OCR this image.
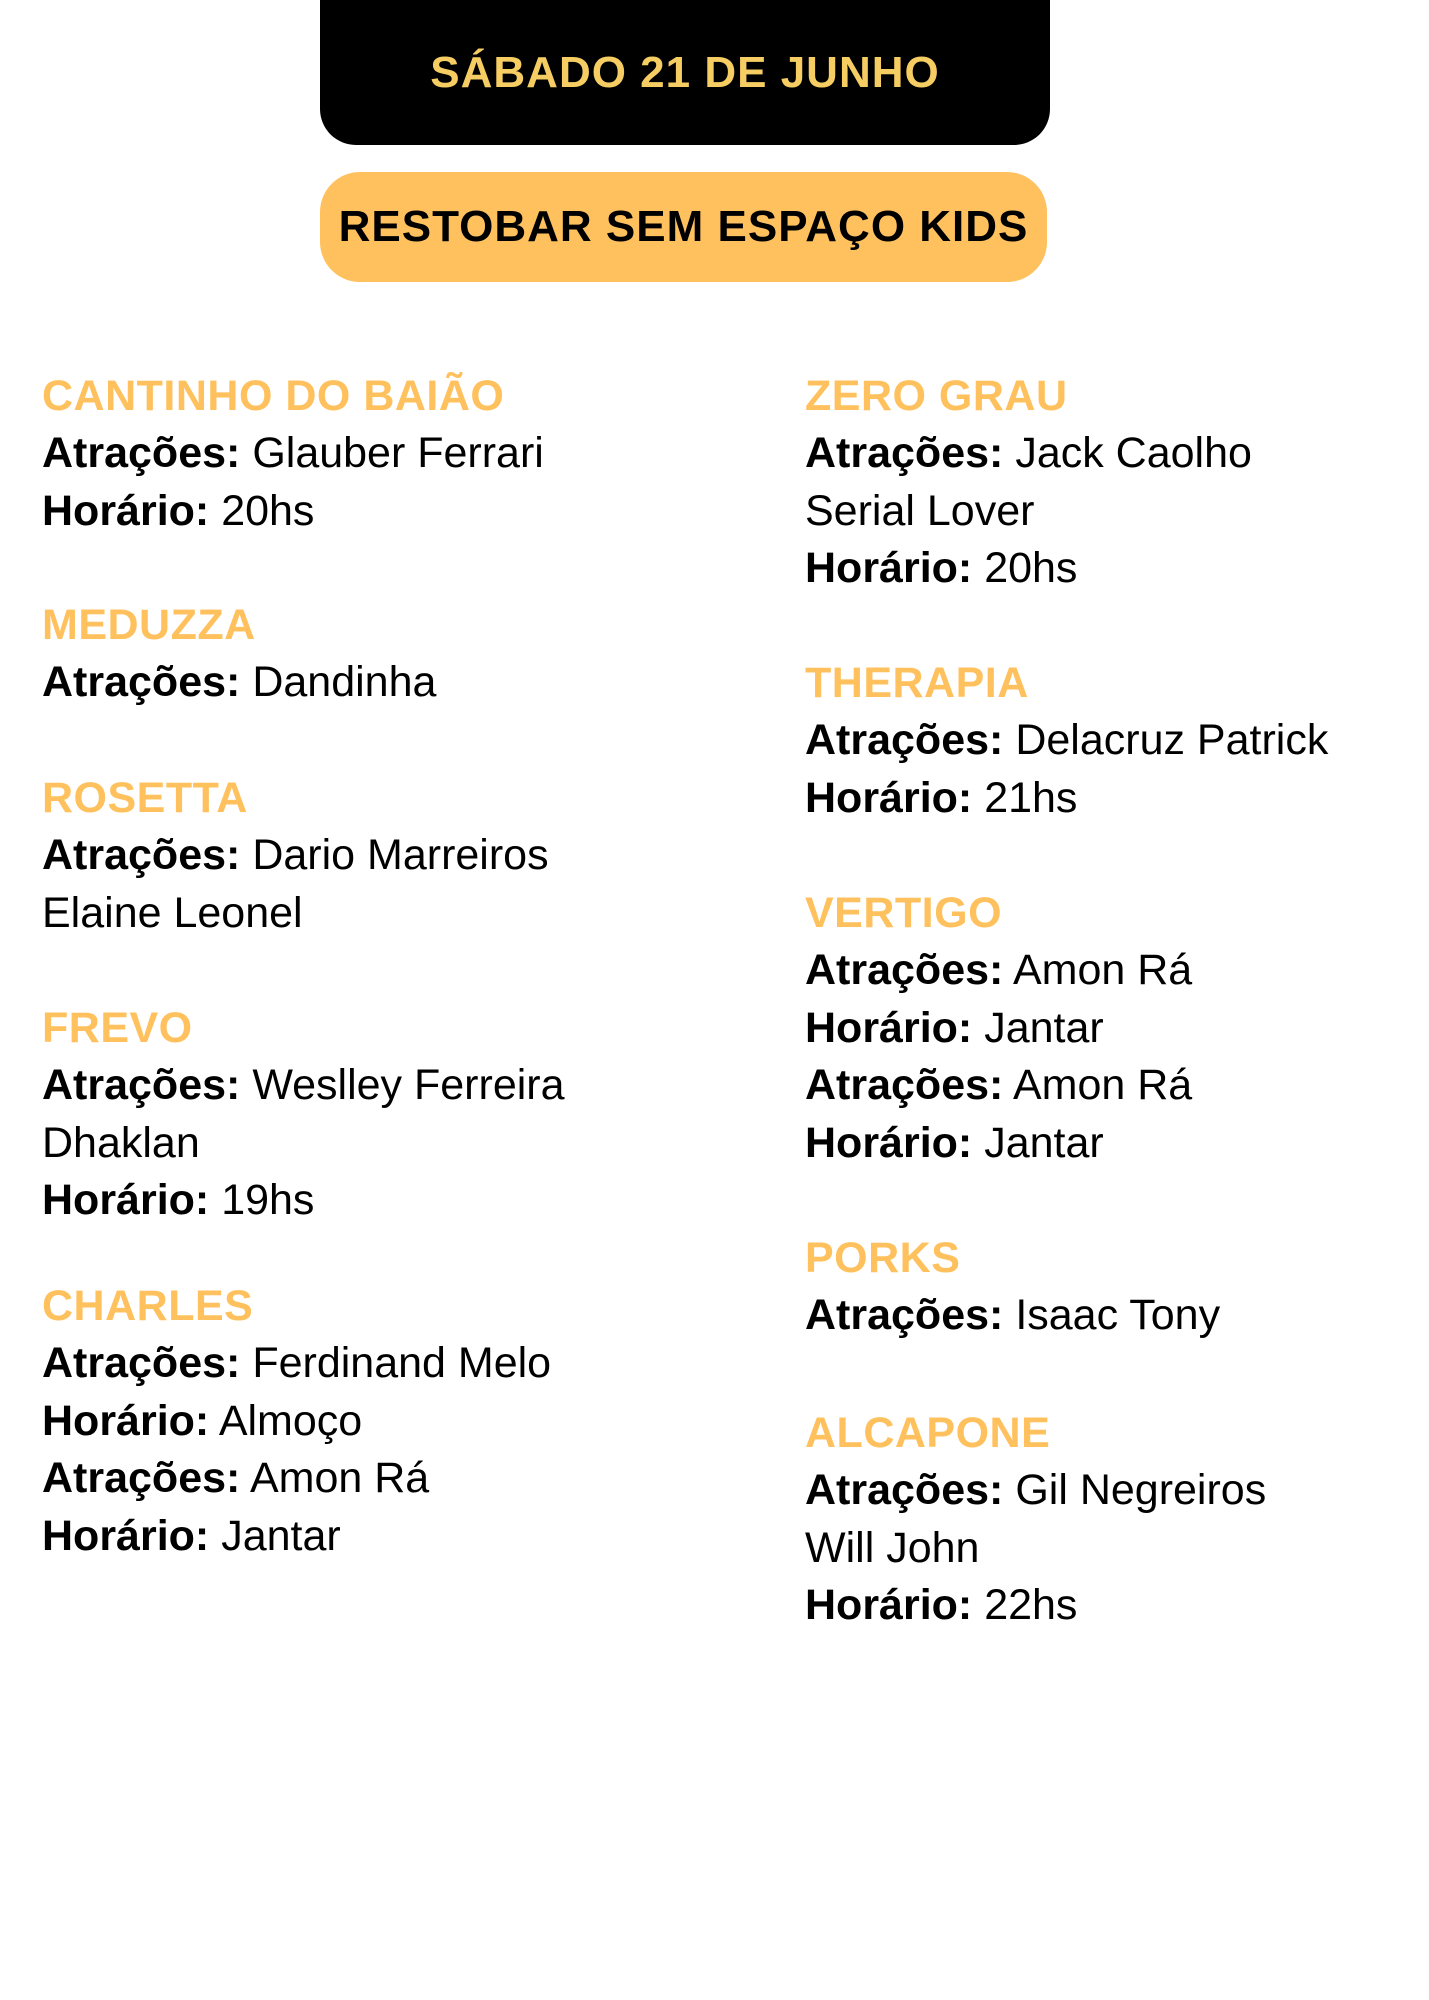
SÁBADO 21 DE JUNHO
RESTOBAR SEM ESPAÇO KIDS
CANTINHO DO BAIÃO
Atrações: Glauber Ferrari
Horário: 20hs
MEDUZZA
Atrações: Dandinha
ROSETTA
Atrações: Dario Marreiros
Elaine Leonel
FREVO
Atrações: Weslley Ferreira
Dhaklan
Horário: 19hs
CHARLES
Atrações: Ferdinand Melo
Horário: Almoço
Atrações: Amon Rá
Horário: Jantar
ZERO GRAU
Atrações: Jack Caolho
Serial Lover
Horário: 20hs
THERAPIA
Atrações: Delacruz Patrick
Horário: 21hs
VERTIGO
Atrações: Amon Rá
Horário: Jantar
Atrações: Amon Rá
Horário: Jantar
PORKS
Atrações: Isaac Tony
ALCAPONE
Atrações: Gil Negreiros
Will John
Horário: 22hs
